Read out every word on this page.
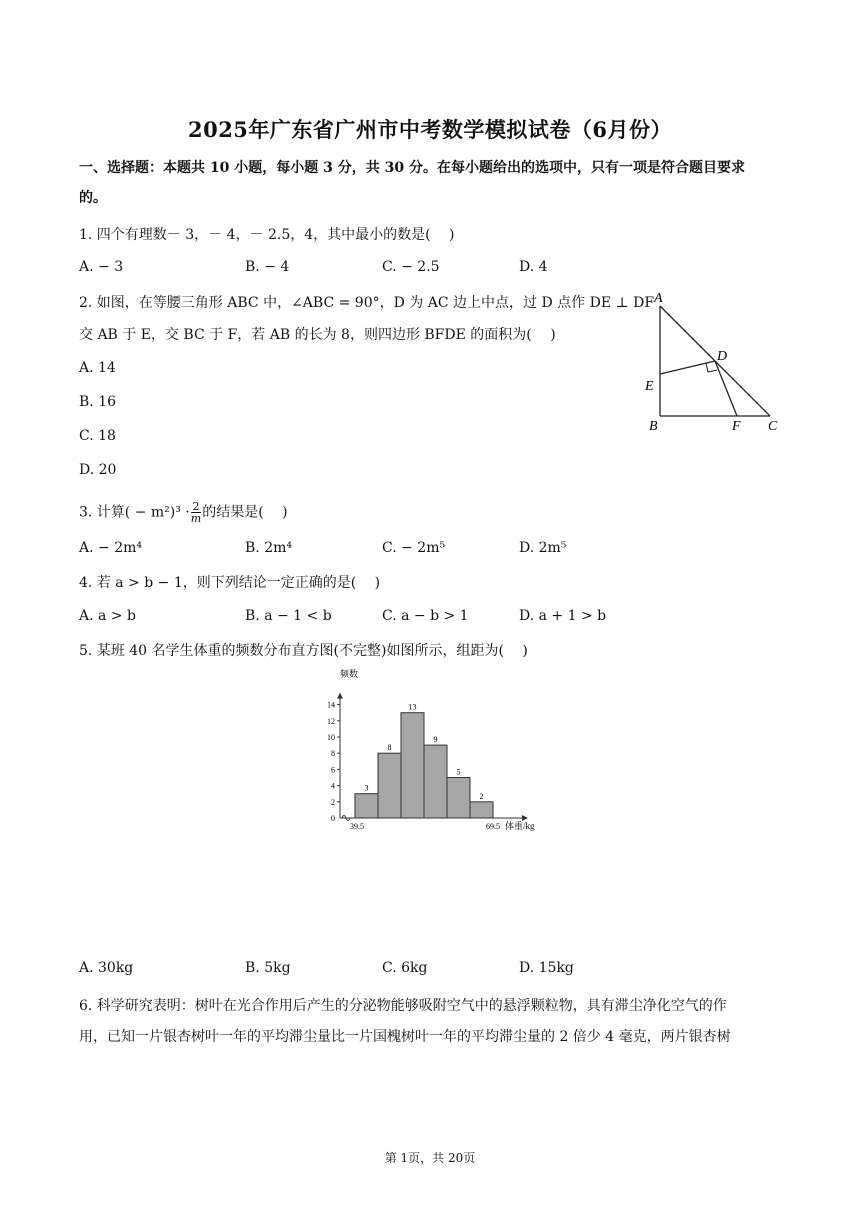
2025年广东省广州市中考数学模拟试卷（6月份）
一、选择题：本题共 10 小题，每小题 3 分，共 30 分。在每小题给出的选项中，只有一项是符合题目要求
的。
1. 四个有理数－ 3，－ 4，－ 2.5，4，其中最小的数是(　 )
A. − 3	B. − 4	C. − 2.5	D. 4
2. 如图，在等腰三角形 ABC 中，∠ABC = 90°，D 为 AC 边上中点，过 D 点作 DE ⊥ DF
交 AB 于 E，交 BC 于 F，若 AB 的长为 8，则四边形 BFDE 的面积为(　 )
A. 14
B. 16
C. 18
D. 20
A
D
E
B	F C
3. 计算( − $m^2)^3 \cdot \frac{2}{m}$ 的结果是(　 )
A. − 2m⁴	B. 2m⁴	C. − 2m⁵	D. 2m⁵
4. 若 a > b − 1，则下列结论一定正确的是(　 )
A. a > b	B. a − 1 < b	C. a − b > 1	D. a + 1 > b
5. 某班 40 名学生体重的频数分布直方图(不完整)如图所示，组距为(　 )
频数
体重/kg
0
2
4
6
8
10
12
14
3
8
13
9
5
2
39.5	69.5
A. 30kg	B. 5kg	C. 6kg	D. 15kg
6. 科学研究表明：树叶在光合作用后产生的分泌物能够吸附空气中的悬浮颗粒物，具有滞尘净化空气的作
用，已知一片银杏树叶一年的平均滞尘量比一片国槐树叶一年的平均滞尘量的 2 倍少 4 毫克，两片银杏树
第 1页，共 20页
